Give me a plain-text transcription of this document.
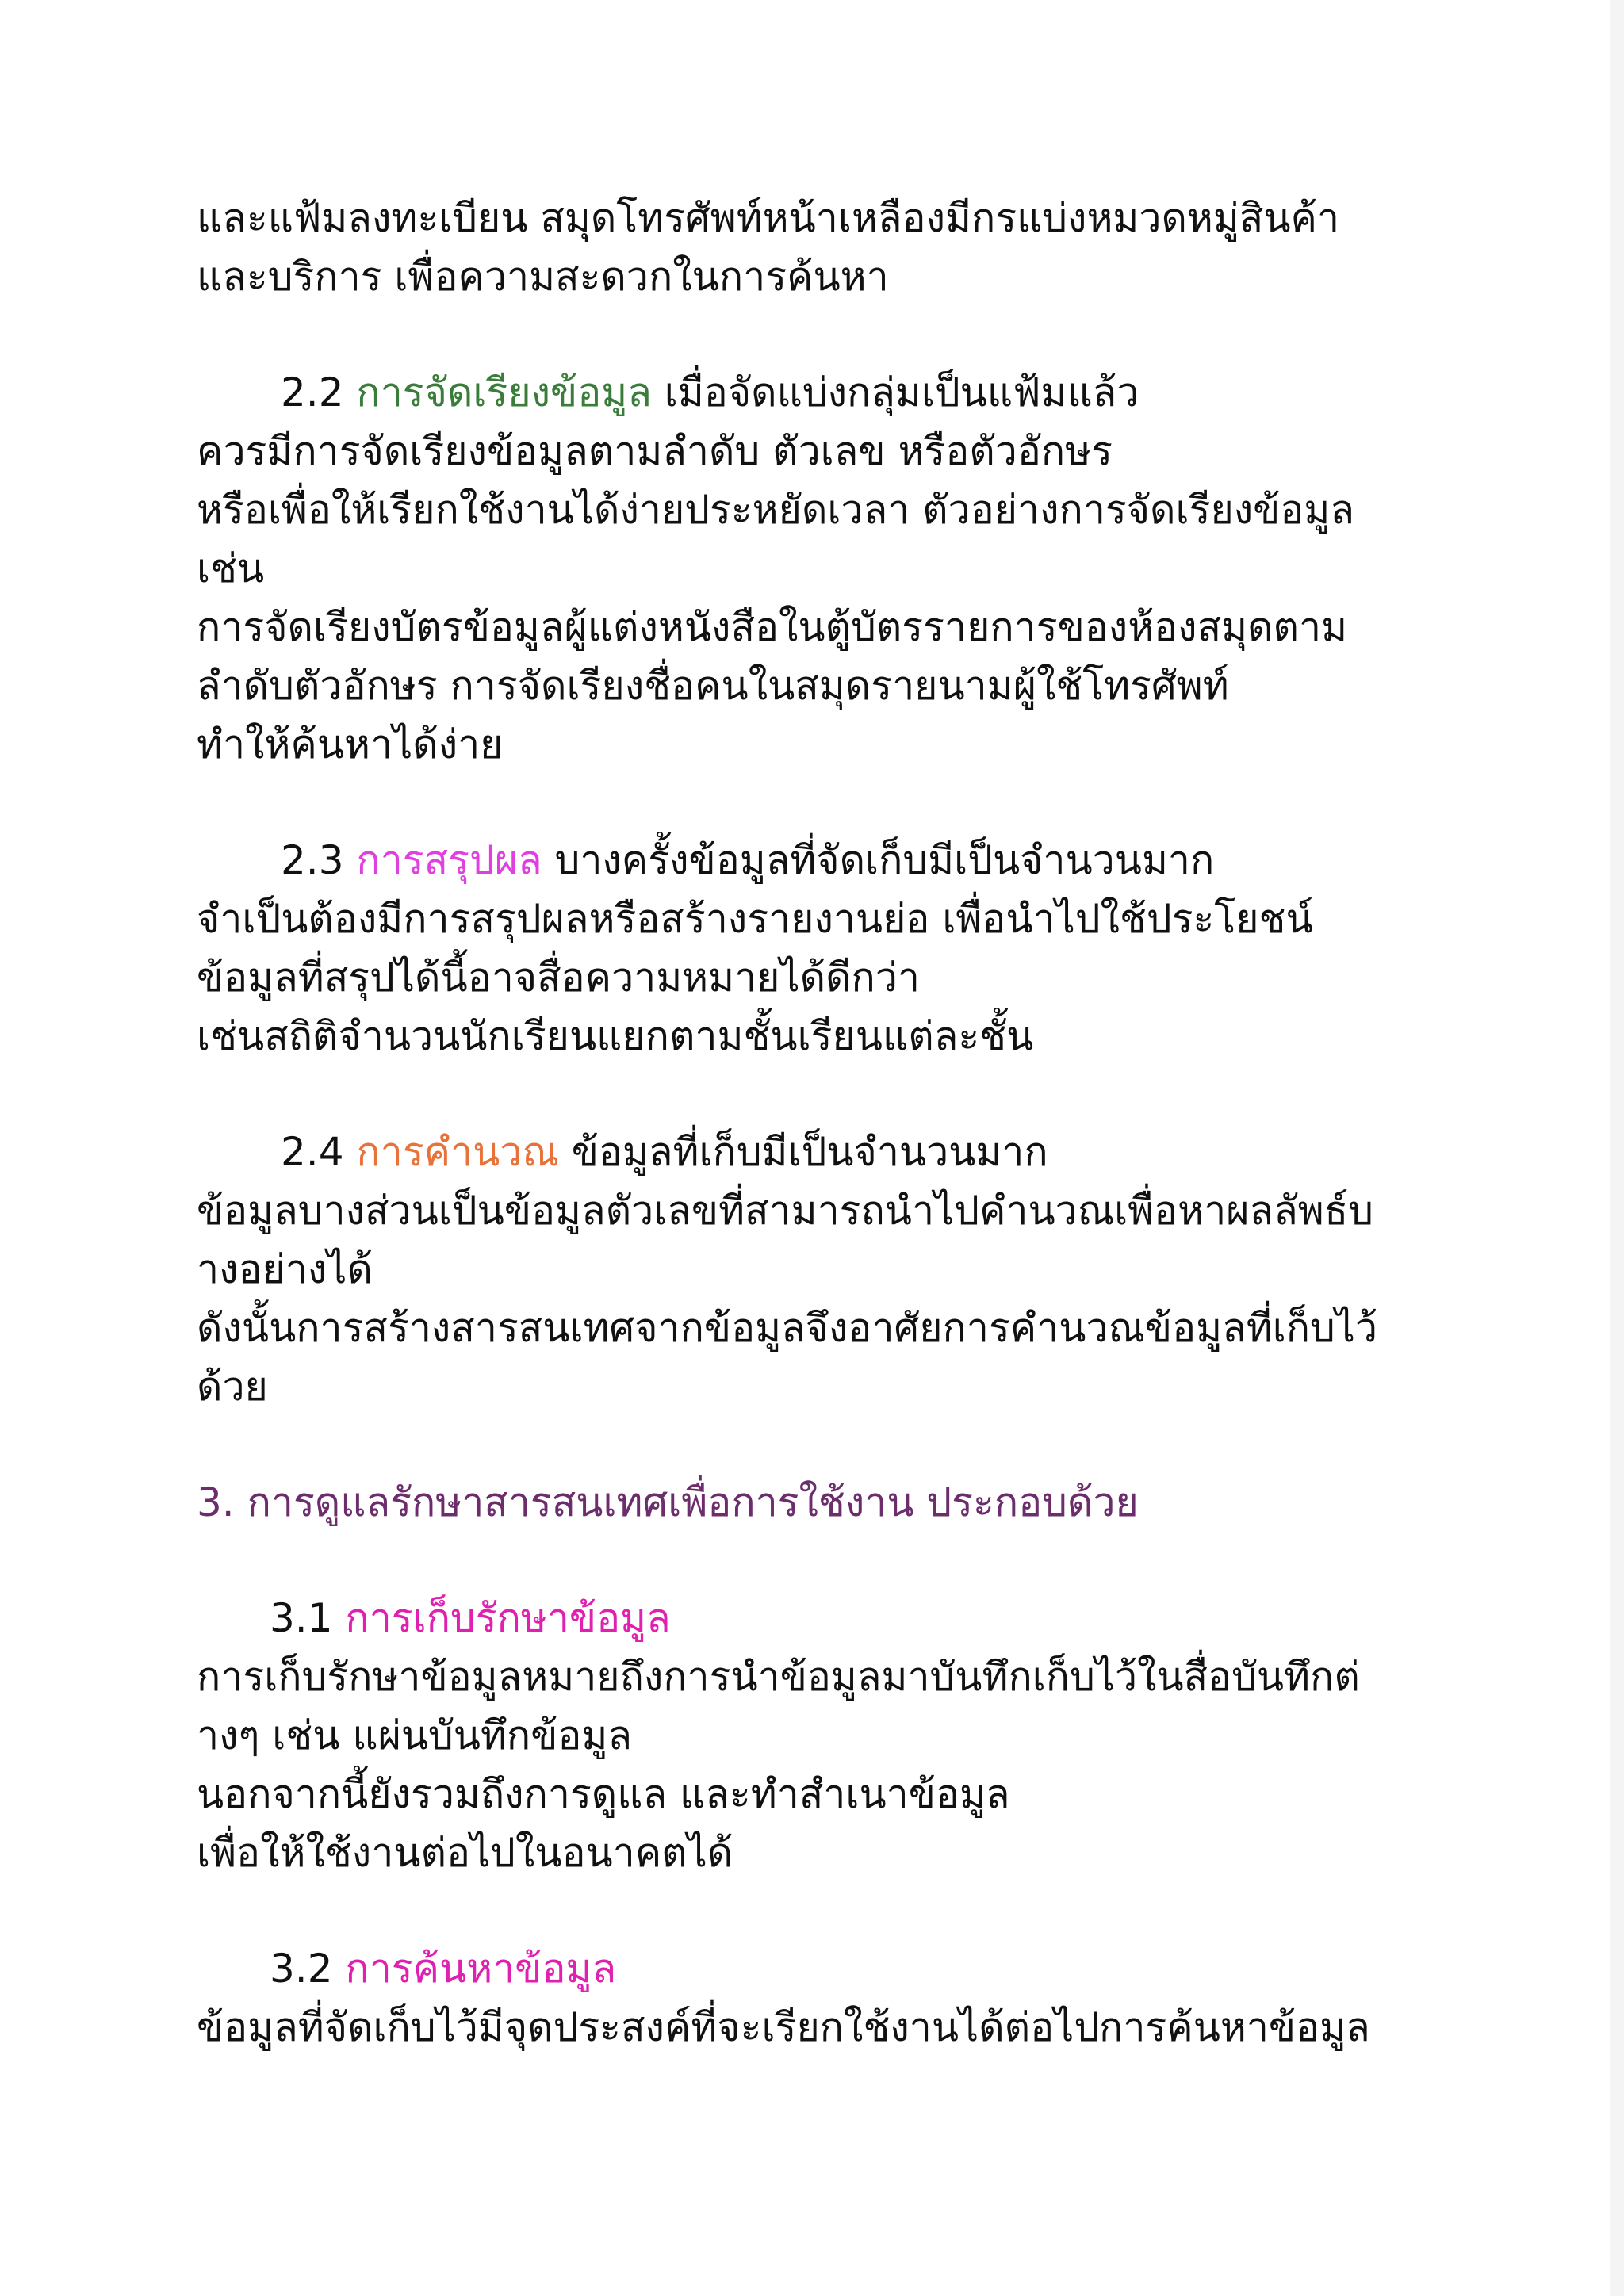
และแฟ้มลงทะเบียน สมุดโทรศัพท์หน้าเหลืองมีกรแบ่งหมวดหมู่สินค้า
และบริการ เพื่อความสะดวกในการค้นหา
2.2 การจัดเรียงข้อมูล เมื่อจัดแบ่งกลุ่มเป็นแฟ้มแล้ว
ควรมีการจัดเรียงข้อมูลตามลำดับ ตัวเลข หรือตัวอักษร
หรือเพื่อให้เรียกใช้งานได้ง่ายประหยัดเวลา ตัวอย่างการจัดเรียงข้อมูล
เช่น
การจัดเรียงบัตรข้อมูลผู้แต่งหนังสือในตู้บัตรรายการของห้องสมุดตาม
ลำดับตัวอักษร การจัดเรียงชื่อคนในสมุดรายนามผู้ใช้โทรศัพท์
ทำให้ค้นหาได้ง่าย
2.3 การสรุปผล บางครั้งข้อมูลที่จัดเก็บมีเป็นจำนวนมาก
จำเป็นต้องมีการสรุปผลหรือสร้างรายงานย่อ เพื่อนำไปใช้ประโยชน์
ข้อมูลที่สรุปได้นี้อาจสื่อความหมายได้ดีกว่า
เช่นสถิติจำนวนนักเรียนแยกตามชั้นเรียนแต่ละชั้น
2.4 การคำนวณ ข้อมูลที่เก็บมีเป็นจำนวนมาก
ข้อมูลบางส่วนเป็นข้อมูลตัวเลขที่สามารถนำไปคำนวณเพื่อหาผลลัพธ์บ
างอย่างได้
ดังนั้นการสร้างสารสนเทศจากข้อมูลจึงอาศัยการคำนวณข้อมูลที่เก็บไว้
ด้วย
3. การดูแลรักษาสารสนเทศเพื่อการใช้งาน ประกอบด้วย
3.1 การเก็บรักษาข้อมูล
การเก็บรักษาข้อมูลหมายถึงการนำข้อมูลมาบันทึกเก็บไว้ในสื่อบันทึกต่
างๆ เช่น แผ่นบันทึกข้อมูล
นอกจากนี้ยังรวมถึงการดูแล และทำสำเนาข้อมูล
เพื่อให้ใช้งานต่อไปในอนาคตได้
3.2 การค้นหาข้อมูล
ข้อมูลที่จัดเก็บไว้มีจุดประสงค์ที่จะเรียกใช้งานได้ต่อไปการค้นหาข้อมูล
